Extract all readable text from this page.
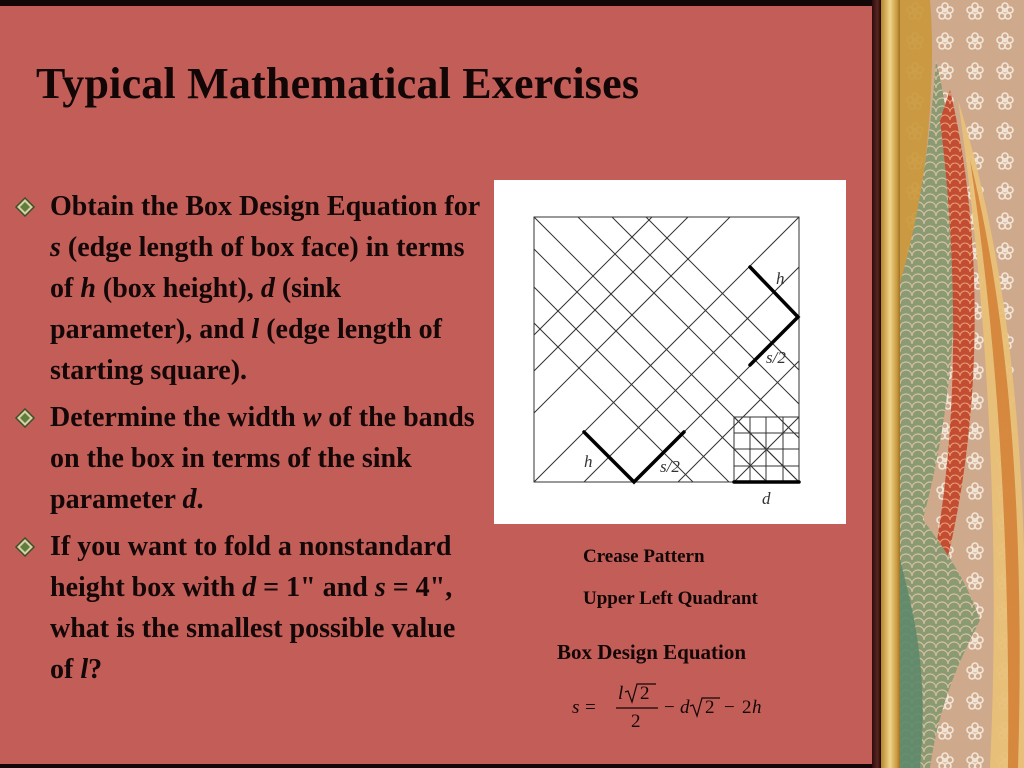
Typical Mathematical Exercises
Obtain the Box Design Equation for s (edge length of box face) in terms of h (box height), d (sink parameter), and l (edge length of starting square).
Determine the width w of the bands on the box in terms of the sink parameter d.
If you want to fold a nonstandard height box with d = 1" and s = 4", what is the smallest possible value of l?
h
s/2
h	s/2
d
Crease Pattern
Upper Left Quadrant
Box Design Equation
s =
l 2
2
− d 2 − 2 h
